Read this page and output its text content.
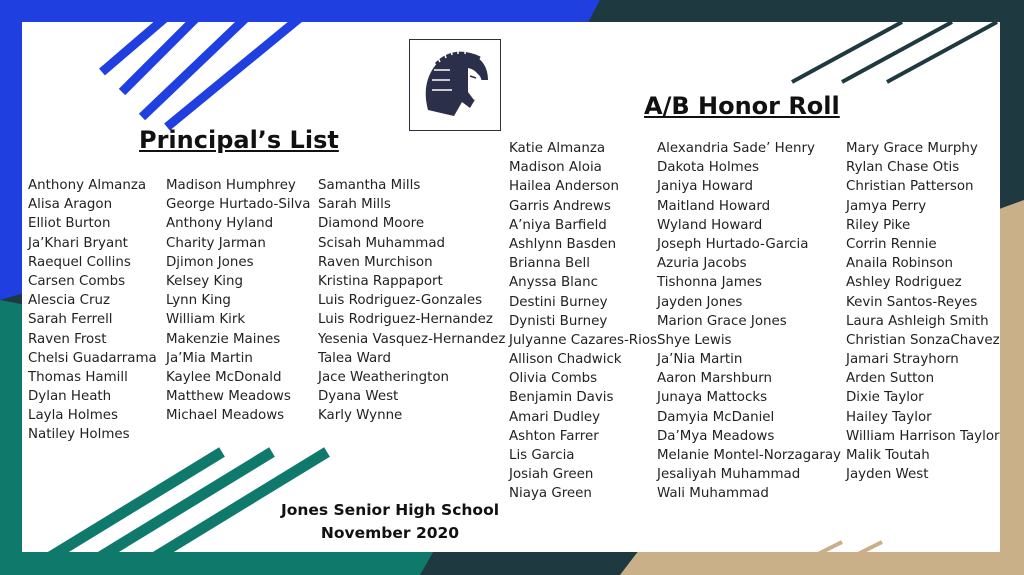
Principal’s List
A/B Honor Roll
Anthony Almanza
Alisa Aragon
Elliot Burton
Ja’Khari Bryant
Raequel Collins
Carsen Combs
Alescia Cruz
Sarah Ferrell
Raven Frost
Chelsi Guadarrama
Thomas Hamill
Dylan Heath
Layla Holmes
Natiley Holmes
Madison Humphrey
George Hurtado-Silva
Anthony Hyland
Charity Jarman
Djimon Jones
Kelsey King
Lynn King
William Kirk
Makenzie Maines
Ja’Mia Martin
Kaylee McDonald
Matthew Meadows
Michael Meadows
Samantha Mills
Sarah Mills
Diamond Moore
Scisah Muhammad
Raven Murchison
Kristina Rappaport
Luis Rodriguez-Gonzales
Luis Rodriguez-Hernandez
Yesenia Vasquez-Hernandez
Talea Ward
Jace Weatherington
Dyana West
Karly Wynne
Katie Almanza
Madison Aloia
Hailea Anderson
Garris Andrews
A’niya Barfield
Ashlynn Basden
Brianna Bell
Anyssa Blanc
Destini Burney
Dynisti Burney
Julyanne Cazares-Rios
Allison Chadwick
Olivia Combs
Benjamin Davis
Amari Dudley
Ashton Farrer
Lis Garcia
Josiah Green
Niaya Green
Alexandria Sade’ Henry
Dakota Holmes
Janiya Howard
Maitland Howard
Wyland Howard
Joseph Hurtado-Garcia
Azuria Jacobs
Tishonna James
Jayden Jones
Marion Grace Jones
Shye Lewis
Ja’Nia Martin
Aaron Marshburn
Junaya Mattocks
Damyia McDaniel
Da’Mya Meadows
Melanie Montel-Norzagaray
Jesaliyah Muhammad
Wali Muhammad
Mary Grace Murphy
Rylan Chase Otis
Christian Patterson
Jamya Perry
Riley Pike
Corrin Rennie
Anaila Robinson
Ashley Rodriguez
Kevin Santos-Reyes
Laura Ashleigh Smith
Christian SonzaChavez
Jamari Strayhorn
Arden Sutton
Dixie Taylor
Hailey Taylor
William Harrison Taylor
Malik Toutah
Jayden West
Jones Senior High School
November 2020
